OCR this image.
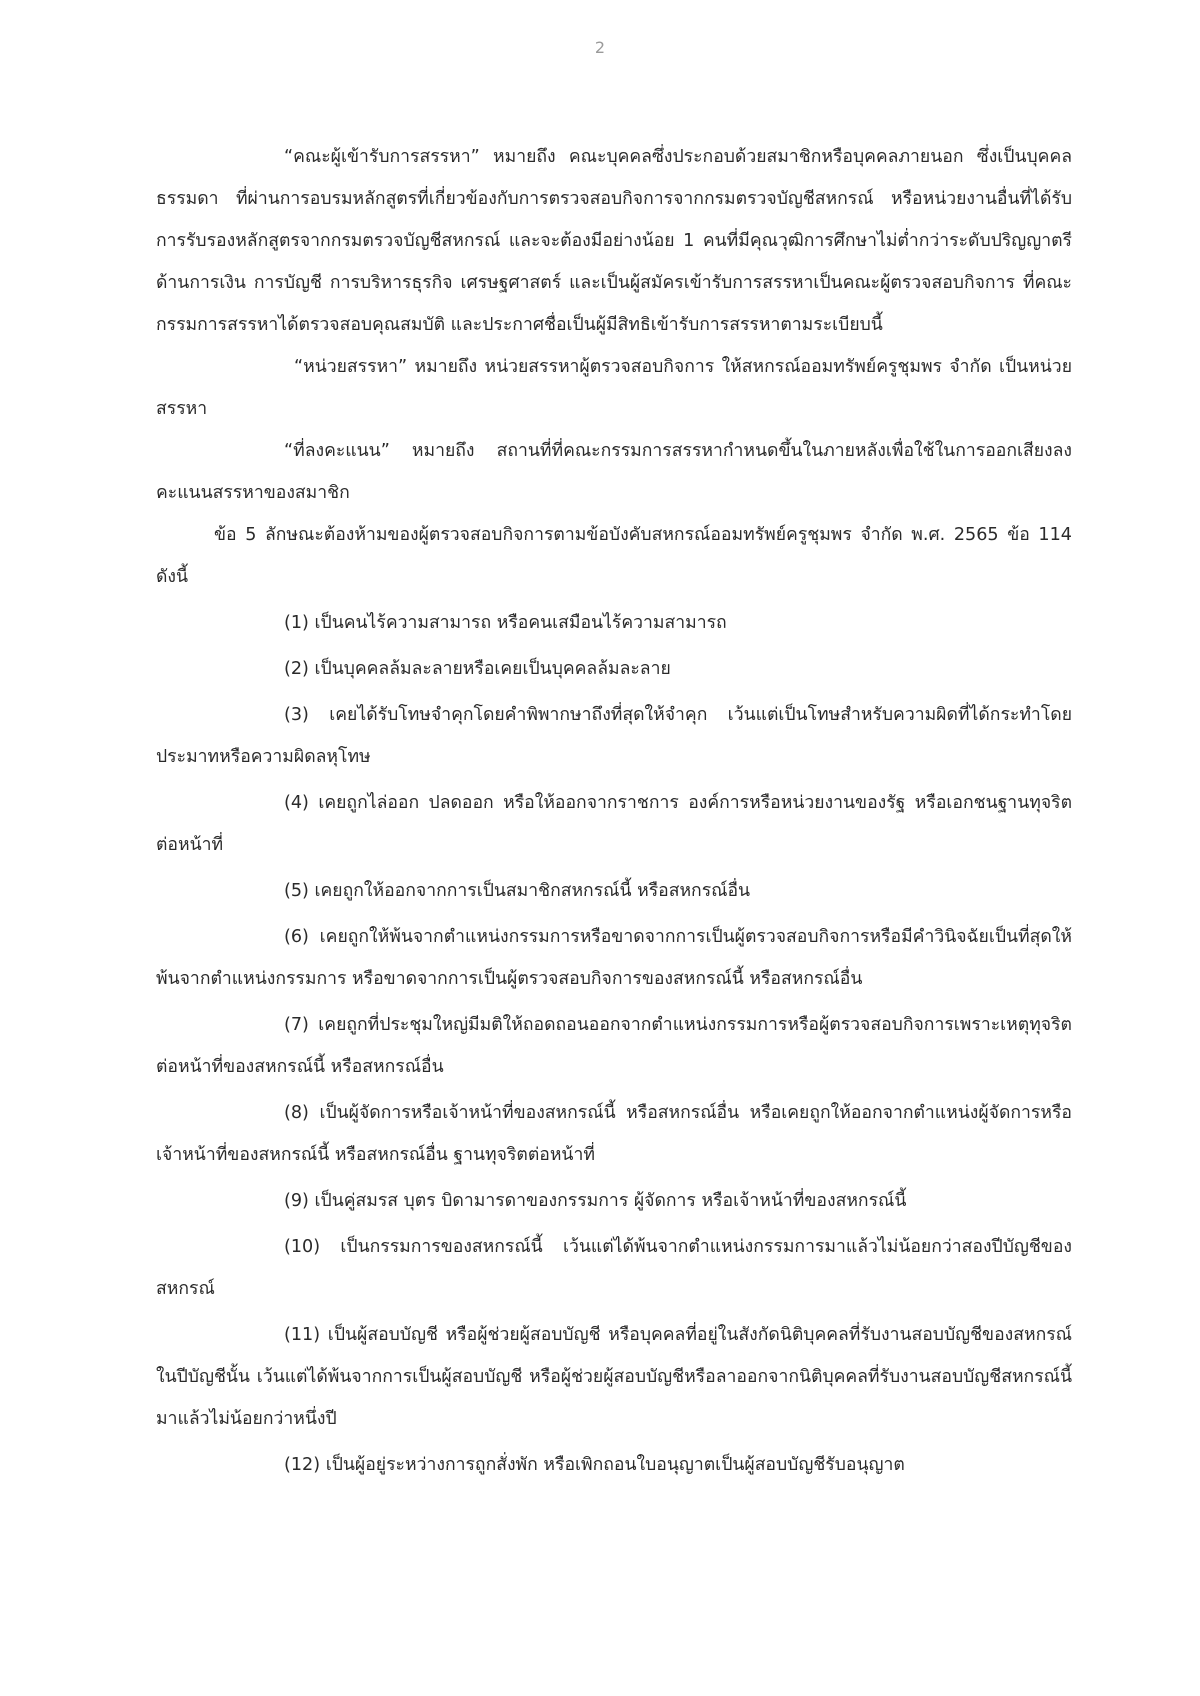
2

“คณะผู้เข้ารับการสรรหา” หมายถึง คณะบุคคลซึ่งประกอบด้วยสมาชิกหรือบุคคลภายนอก ซึ่งเป็นบุคคลธรรมดา ที่ผ่านการอบรมหลักสูตรที่เกี่ยวข้องกับการตรวจสอบกิจการจากกรมตรวจบัญชีสหกรณ์ หรือหน่วยงานอื่นที่ได้รับการรับรองหลักสูตรจากกรมตรวจบัญชีสหกรณ์ และจะต้องมีอย่างน้อย 1 คนที่มีคุณวุฒิการศึกษาไม่ต่ำกว่าระดับปริญญาตรีด้านการเงิน การบัญชี การบริหารธุรกิจ เศรษฐศาสตร์ และเป็นผู้สมัครเข้ารับการสรรหาเป็นคณะผู้ตรวจสอบกิจการ ที่คณะกรรมการสรรหาได้ตรวจสอบคุณสมบัติ และประกาศชื่อเป็นผู้มีสิทธิเข้ารับการสรรหาตามระเบียบนี้

“หน่วยสรรหา” หมายถึง หน่วยสรรหาผู้ตรวจสอบกิจการ ให้สหกรณ์ออมทรัพย์ครูชุมพร จำกัด เป็นหน่วยสรรหา

“ที่ลงคะแนน” หมายถึง สถานที่ที่คณะกรรมการสรรหากำหนดขึ้นในภายหลังเพื่อใช้ในการออกเสียงลงคะแนนสรรหาของสมาชิก

ข้อ 5 ลักษณะต้องห้ามของผู้ตรวจสอบกิจการตามข้อบังคับสหกรณ์ออมทรัพย์ครูชุมพร จำกัด พ.ศ. 2565 ข้อ 114 ดังนี้

(1) เป็นคนไร้ความสามารถ หรือคนเสมือนไร้ความสามารถ

(2) เป็นบุคคลล้มละลายหรือเคยเป็นบุคคลล้มละลาย

(3) เคยได้รับโทษจำคุกโดยคำพิพากษาถึงที่สุดให้จำคุก เว้นแต่เป็นโทษสำหรับความผิดที่ได้กระทำโดยประมาทหรือความผิดลหุโทษ

(4) เคยถูกไล่ออก ปลดออก หรือให้ออกจากราชการ องค์การหรือหน่วยงานของรัฐ หรือเอกชนฐานทุจริตต่อหน้าที่

(5) เคยถูกให้ออกจากการเป็นสมาชิกสหกรณ์นี้ หรือสหกรณ์อื่น

(6) เคยถูกให้พ้นจากตำแหน่งกรรมการหรือขาดจากการเป็นผู้ตรวจสอบกิจการหรือมีคำวินิจฉัยเป็นที่สุดให้พ้นจากตำแหน่งกรรมการ หรือขาดจากการเป็นผู้ตรวจสอบกิจการของสหกรณ์นี้ หรือสหกรณ์อื่น

(7) เคยถูกที่ประชุมใหญ่มีมติให้ถอดถอนออกจากตำแหน่งกรรมการหรือผู้ตรวจสอบกิจการเพราะเหตุทุจริตต่อหน้าที่ของสหกรณ์นี้ หรือสหกรณ์อื่น

(8) เป็นผู้จัดการหรือเจ้าหน้าที่ของสหกรณ์นี้ หรือสหกรณ์อื่น หรือเคยถูกให้ออกจากตำแหน่งผู้จัดการหรือเจ้าหน้าที่ของสหกรณ์นี้ หรือสหกรณ์อื่น ฐานทุจริตต่อหน้าที่

(9) เป็นคู่สมรส บุตร บิดามารดาของกรรมการ ผู้จัดการ หรือเจ้าหน้าที่ของสหกรณ์นี้

(10) เป็นกรรมการของสหกรณ์นี้ เว้นแต่ได้พ้นจากตำแหน่งกรรมการมาแล้วไม่น้อยกว่าสองปีบัญชีของสหกรณ์

(11) เป็นผู้สอบบัญชี หรือผู้ช่วยผู้สอบบัญชี หรือบุคคลที่อยู่ในสังกัดนิติบุคคลที่รับงานสอบบัญชีของสหกรณ์ในปีบัญชีนั้น เว้นแต่ได้พ้นจากการเป็นผู้สอบบัญชี หรือผู้ช่วยผู้สอบบัญชีหรือลาออกจากนิติบุคคลที่รับงานสอบบัญชีสหกรณ์นี้มาแล้วไม่น้อยกว่าหนึ่งปี

(12) เป็นผู้อยู่ระหว่างการถูกสั่งพัก หรือเพิกถอนใบอนุญาตเป็นผู้สอบบัญชีรับอนุญาต
